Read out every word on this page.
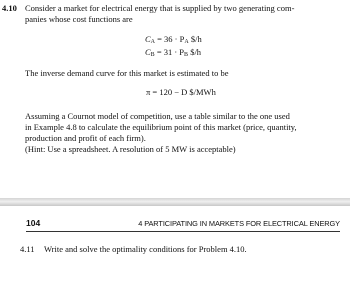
4.10 Consider a market for electrical energy that is supplied by two generating com-
panies whose cost functions are
$C_A = 36 \cdot P_A$ $/h
$C_B = 31 \cdot P_B$ $/h
The inverse demand curve for this market is estimated to be
π = 120 − D $/MWh
Assuming a Cournot model of competition, use a table similar to the one used
in Example 4.8 to calculate the equilibrium point of this market (price, quantity,
production and profit of each firm).
(Hint: Use a spreadsheet. A resolution of 5 MW is acceptable)
104	4 PARTICIPATING IN MARKETS FOR ELECTRICAL ENERGY
4.11 Write and solve the optimality conditions for Problem 4.10.
